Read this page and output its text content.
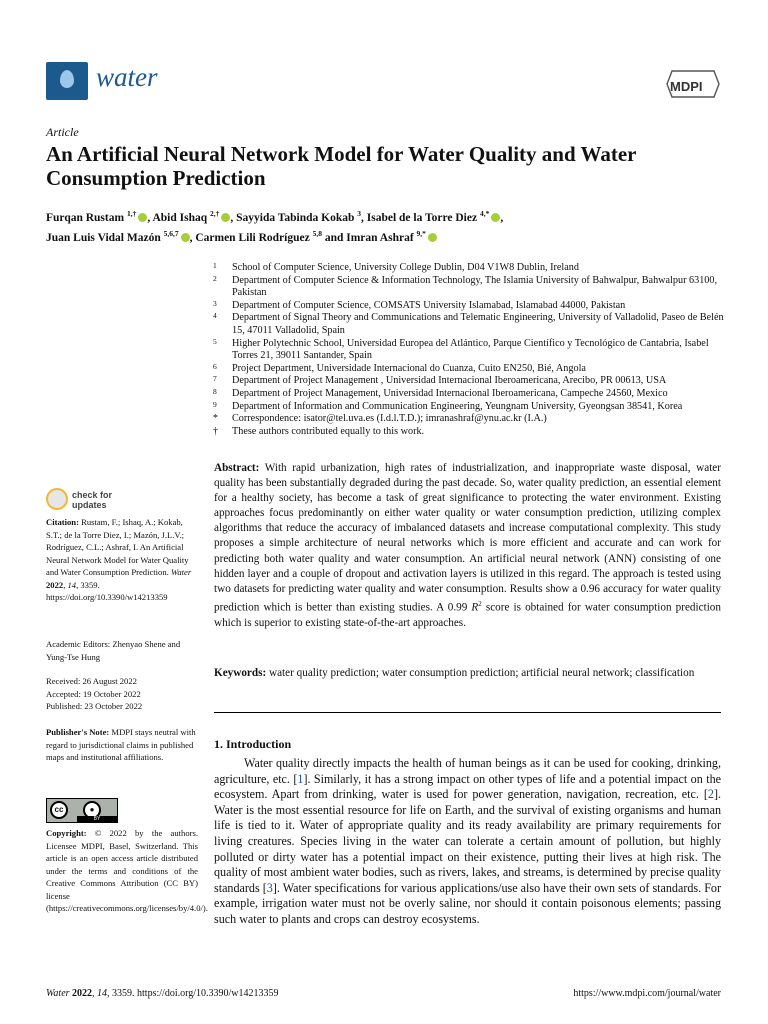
water	MDPI
Article
An Artificial Neural Network Model for Water Quality and Water Consumption Prediction
Furqan Rustam $^{1,\dagger}$ , Abid Ishaq $^{2,\dagger}$ , Sayyida Tabinda Kokab $^3$, Isabel de la Torre Diez $^{4,*}$ ,
Juan Luis Vidal Mazón $^{5,6,7}$ , Carmen Lili Rodríguez $^{5,8}$ and Imran Ashraf $^{9,*}$
1 School of Computer Science, University College Dublin, D04 V1W8 Dublin, Ireland
2 Department of Computer Science & Information Technology, The Islamia University of Bahwalpur, Bahwalpur 63100, Pakistan
3 Department of Computer Science, COMSATS University Islamabad, Islamabad 44000, Pakistan
4 Department of Signal Theory and Communications and Telematic Engineering, University of Valladolid, Paseo de Belén 15, 47011 Valladolid, Spain
5 Higher Polytechnic School, Universidad Europea del Atlántico, Parque Científico y Tecnológico de Cantabria, Isabel Torres 21, 39011 Santander, Spain
6 Project Department, Universidade Internacional do Cuanza, Cuito EN250, Bié, Angola
7 Department of Project Management , Universidad Internacional Iberoamericana, Arecibo, PR 00613, USA
8 Department of Project Management, Universidad Internacional Iberoamericana, Campeche 24560, Mexico
9 Department of Information and Communication Engineering, Yeungnam University, Gyeongsan 38541, Korea
* Correspondence: isator@tel.uva.es (I.d.l.T.D.); imranashraf@ynu.ac.kr (I.A.)
† These authors contributed equally to this work.
Abstract: With rapid urbanization, high rates of industrialization, and inappropriate waste disposal, water quality has been substantially degraded during the past decade. So, water quality prediction, an essential element for a healthy society, has become a task of great significance to protecting the water environment. Existing approaches focus predominantly on either water quality or water consumption prediction, utilizing complex algorithms that reduce the accuracy of imbalanced datasets and increase computational complexity. This study proposes a simple architecture of neural networks which is more efficient and accurate and can work for predicting both water quality and water consumption. An artificial neural network (ANN) consisting of one hidden layer and a couple of dropout and activation layers is utilized in this regard. The approach is tested using two datasets for predicting water quality and water consumption. Results show a 0.96 accuracy for water quality prediction which is better than existing studies. A 0.99 $R^2$ score is obtained for water consumption prediction which is superior to existing state-of-the-art approaches.
Keywords: water quality prediction; water consumption prediction; artificial neural network; classification
1. Introduction

Water quality directly impacts the health of human beings as it can be used for cooking, drinking, agriculture, etc. [1]. Similarly, it has a strong impact on other types of life and a potential impact on the ecosystem. Apart from drinking, water is used for power generation, navigation, recreation, etc. [2]. Water is the most essential resource for life on Earth, and the survival of existing organisms and human life is tied to it. Water of appropriate quality and its ready availability are primary requirements for living creatures. Species living in the water can tolerate a certain amount of pollution, but highly polluted or dirty water has a potential impact on their existence, putting their lives at high risk. The quality of most ambient water bodies, such as rivers, lakes, and streams, is determined by precise quality standards [3]. Water specifications for various applications/use also have their own sets of standards. For example, irrigation water must not be overly saline, nor should it contain poisonous elements; passing such water to plants and crops can destroy ecosystems.

check for
updates
Citation: Rustam, F.; Ishaq, A.; Kokab, S.T.; de la Torre Diez, I.; Mazón, J.L.V.; Rodríguez, C.L.; Ashraf, I. An Artificial Neural Network Model for Water Quality and Water Consumption Prediction. Water 2022, 14, 3359. https://doi.org/10.3390/w14213359
Academic Editors: Zhenyao Shene and Yung-Tse Hung
Received: 26 August 2022
Accepted: 19 October 2022
Published: 23 October 2022
Publisher's Note: MDPI stays neutral with regard to jurisdictional claims in published maps and institutional affiliations.
cc	●
BY
Copyright: © 2022 by the authors. Licensee MDPI, Basel, Switzerland. This article is an open access article distributed under the terms and conditions of the Creative Commons Attribution (CC BY) license (https://creativecommons.org/licenses/by/4.0/).
Water 2022, 14, 3359. https://doi.org/10.3390/w14213359	https://www.mdpi.com/journal/water
